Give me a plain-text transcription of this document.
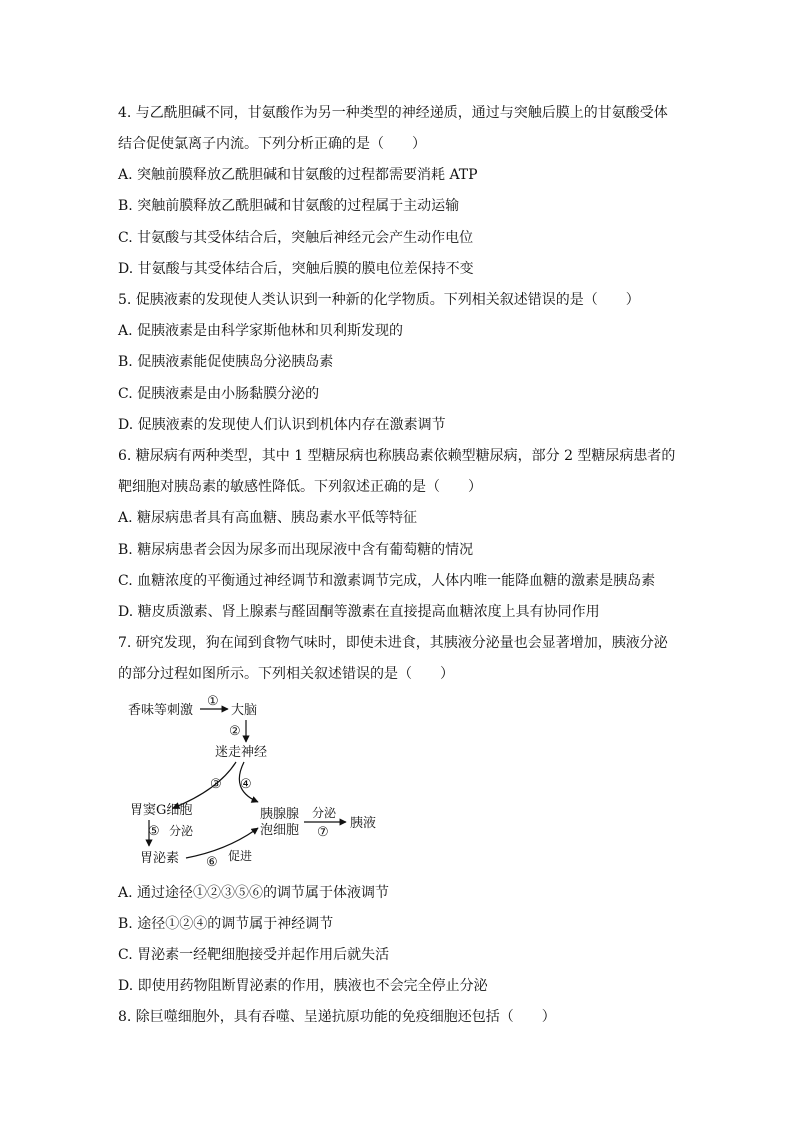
4. 与乙酰胆碱不同，甘氨酸作为另一种类型的神经递质，通过与突触后膜上的甘氨酸受体
结合促使氯离子内流。下列分析正确的是（　　）
A. 突触前膜释放乙酰胆碱和甘氨酸的过程都需要消耗 ATP
B. 突触前膜释放乙酰胆碱和甘氨酸的过程属于主动运输
C. 甘氨酸与其受体结合后，突触后神经元会产生动作电位
D. 甘氨酸与其受体结合后，突触后膜的膜电位差保持不变
5. 促胰液素的发现使人类认识到一种新的化学物质。下列相关叙述错误的是（　　）
A. 促胰液素是由科学家斯他林和贝利斯发现的
B. 促胰液素能促使胰岛分泌胰岛素
C. 促胰液素是由小肠黏膜分泌的
D. 促胰液素的发现使人们认识到机体内存在激素调节
6. 糖尿病有两种类型，其中 1 型糖尿病也称胰岛素依赖型糖尿病，部分 2 型糖尿病患者的
靶细胞对胰岛素的敏感性降低。下列叙述正确的是（　　）
A. 糖尿病患者具有高血糖、胰岛素水平低等特征
B. 糖尿病患者会因为尿多而出现尿液中含有葡萄糖的情况
C. 血糖浓度的平衡通过神经调节和激素调节完成，人体内唯一能降血糖的激素是胰岛素
D. 糖皮质激素、肾上腺素与醛固酮等激素在直接提高血糖浓度上具有协同作用
7. 研究发现，狗在闻到食物气味时，即使未进食，其胰液分泌量也会显著增加，胰液分泌
的部分过程如图所示。下列相关叙述错误的是（　　）
香味等刺激
①
大脑
②
迷走神经
③ ④
胃窦G细胞	胰腺腺
泡细胞
分泌
⑦
胰液
⑤ 分泌
胃泌素 ⑥ 促进
A. 通过途径①②③⑤⑥的调节属于体液调节
B. 途径①②④的调节属于神经调节
C. 胃泌素一经靶细胞接受并起作用后就失活
D. 即使用药物阻断胃泌素的作用，胰液也不会完全停止分泌
8. 除巨噬细胞外，具有吞噬、呈递抗原功能的免疫细胞还包括（　　）
